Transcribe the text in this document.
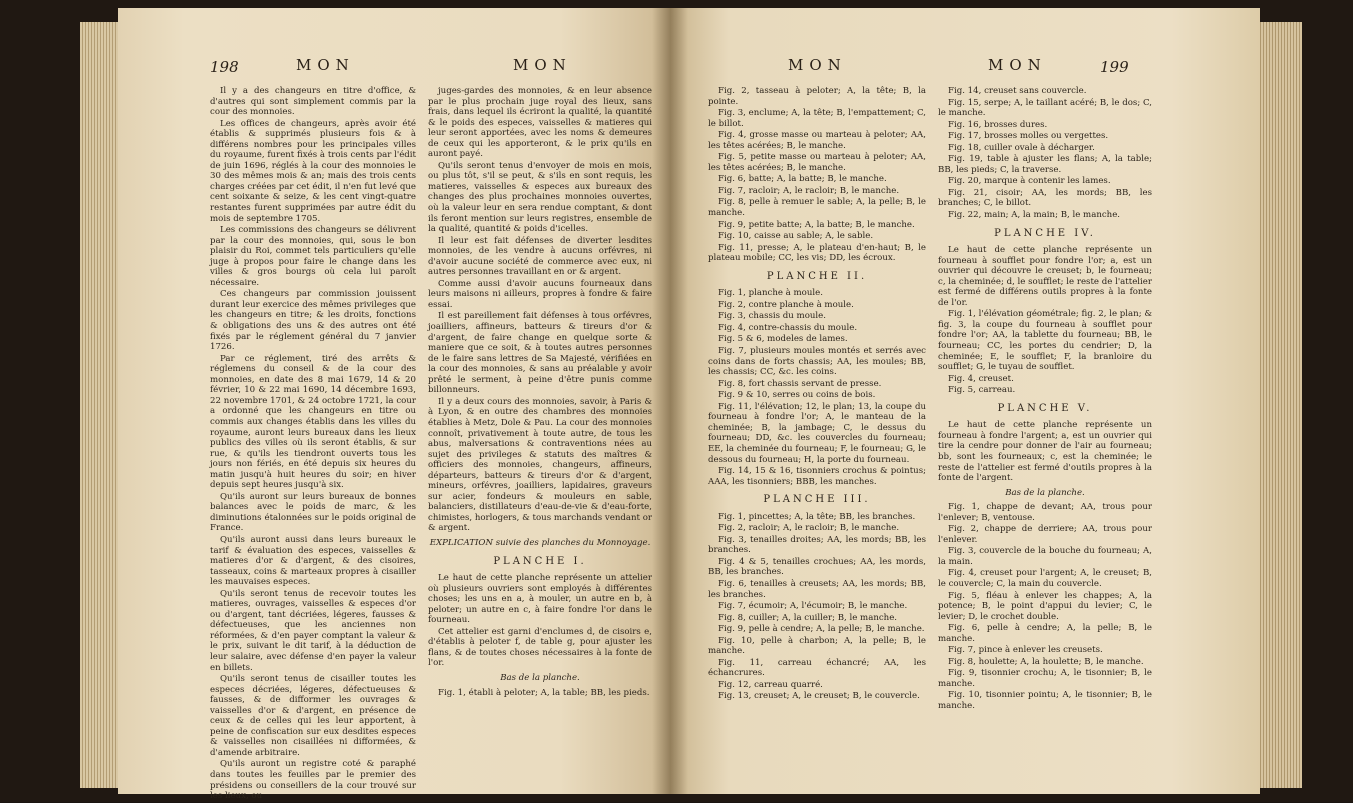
198	MON	MON

Il y a des changeurs en titre d'office, & d'autres qui sont simplement commis par la cour des monnoies.

Les offices de changeurs, après avoir été établis & supprimés plusieurs fois & à différens nombres pour les principales villes du royaume, furent fixés à trois cents par l'édit de juin 1696, réglés à la cour des monnoies le 30 des mêmes mois & an; mais des trois cents charges créées par cet édit, il n'en fut levé que cent soixante & seize, & les cent vingt-quatre restantes furent supprimées par autre édit du mois de septembre 1705.

Les commissions des changeurs se délivrent par la cour des monnoies, qui, sous le bon plaisir du Roi, commet tels particuliers qu'elle juge à propos pour faire le change dans les villes & gros bourgs où cela lui paroît nécessaire.

Ces changeurs par commission jouissent durant leur exercice des mêmes privileges que les changeurs en titre; & les droits, fonctions & obligations des uns & des autres ont été fixés par le réglement général du 7 janvier 1726.

Par ce réglement, tiré des arrêts & réglemens du conseil & de la cour des monnoies, en date des 8 mai 1679, 14 & 20 février, 10 & 22 mai 1690, 14 décembre 1693, 22 novembre 1701, & 24 octobre 1721, la cour a ordonné que les changeurs en titre ou commis aux changes établis dans les villes du royaume, auront leurs bureaux dans les lieux publics des villes où ils seront établis, & sur rue, & qu'ils les tiendront ouverts tous les jours non fériés, en été depuis six heures du matin jusqu'à huit heures du soir; en hiver depuis sept heures jusqu'à six.

Qu'ils auront sur leurs bureaux de bonnes balances avec le poids de marc, & les diminutions étalonnées sur le poids original de France.

Qu'ils auront aussi dans leurs bureaux le tarif & évaluation des especes, vaisselles & matieres d'or & d'argent, & des cisoires, tasseaux, coins & marteaux propres à cisailler les mauvaises especes.

Qu'ils seront tenus de recevoir toutes les matieres, ouvrages, vaisselles & especes d'or ou d'argent, tant décriées, légeres, fausses & défectueuses, que les anciennes non réformées, & d'en payer comptant la valeur & le prix, suivant le dit tarif, à la déduction de leur salaire, avec défense d'en payer la valeur en billets.

Qu'ils seront tenus de cisailler toutes les especes décriées, légeres, défectueuses & fausses, & de difformer les ouvrages & vaisselles d'or & d'argent, en présence de ceux & de celles qui les leur apportent, à peine de confiscation sur eux desdites especes & vaisselles non cisaillées ni difformées, & d'amende arbitraire.

Qu'ils auront un registre coté & paraphé dans toutes les feuilles par le premier des présidens ou conseillers de la cour trouvé sur les lieux, ou

juges-gardes des monnoies, & en leur absence par le plus prochain juge royal des lieux, sans frais, dans lequel ils écriront la qualité, la quantité & le poids des especes, vaisselles & matieres qui leur seront apportées, avec les noms & demeures de ceux qui les apporteront, & le prix qu'ils en auront payé.

Qu'ils seront tenus d'envoyer de mois en mois, ou plus tôt, s'il se peut, & s'ils en sont requis, les matieres, vaisselles & especes aux bureaux des changes des plus prochaines monnoies ouvertes, où la valeur leur en sera rendue comptant, & dont ils feront mention sur leurs registres, ensemble de la qualité, quantité & poids d'icelles.

Il leur est fait défenses de diverter lesdites monnoies, de les vendre à aucuns orfévres, ni d'avoir aucune société de commerce avec eux, ni autres personnes travaillant en or & argent.

Comme aussi d'avoir aucuns fourneaux dans leurs maisons ni ailleurs, propres à fondre & faire essai.

Il est pareillement fait défenses à tous orfévres, joailliers, affineurs, batteurs & tireurs d'or & d'argent, de faire change en quelque sorte & maniere que ce soit, & à toutes autres personnes de le faire sans lettres de Sa Majesté, vérifiées en la cour des monnoies, & sans au préalable y avoir prêté le serment, à peine d'être punis comme billonneurs.

Il y a deux cours des monnoies, savoir, à Paris & à Lyon, & en outre des chambres des monnoies établies à Metz, Dole & Pau. La cour des monnoies connoît, privativement à toute autre, de tous les abus, malversations & contraventions nées au sujet des privileges & statuts des maîtres & officiers des monnoies, changeurs, affineurs, départeurs, batteurs & tireurs d'or & d'argent, mineurs, orfévres, joailliers, lapidaires, graveurs sur acier, fondeurs & mouleurs en sable, balanciers, distillateurs d'eau-de-vie & d'eau-forte, chimistes, horlogers, & tous marchands vendant or & argent.

EXPLICATION suivie des planches du Monnoyage.
PLANCHE I.

Le haut de cette planche représente un attelier où plusieurs ouvriers sont employés à différentes choses; les uns en a, à mouler, un autre en b, à peloter; un autre en c, à faire fondre l'or dans le fourneau.

Cet attelier est garni d'enclumes d, de cisoirs e, d'établis à peloter f, de table g, pour ajuster les flans, & de toutes choses nécessaires à la fonte de l'or.

Bas de la planche.

Fig. 1, établi à peloter; A, la table; BB, les pieds.

MON	MON	199

Fig. 2, tasseau à peloter; A, la tête; B, la pointe.

Fig. 3, enclume; A, la tête; B, l'empattement; C, le billot.

Fig. 4, grosse masse ou marteau à peloter; AA, les têtes acérées; B, le manche.

Fig. 5, petite masse ou marteau à peloter; AA, les têtes acérées; B, le manche.

Fig. 6, batte; A, la batte; B, le manche.

Fig. 7, racloir; A, le racloir; B, le manche.

Fig. 8, pelle à remuer le sable; A, la pelle; B, le manche.

Fig. 9, petite batte; A, la batte; B, le manche.

Fig. 10, caisse au sable; A, le sable.

Fig. 11, presse; A, le plateau d'en-haut; B, le plateau mobile; CC, les vis; DD, les écroux.

PLANCHE II.

Fig. 1, planche à moule.

Fig. 2, contre planche à moule.

Fig. 3, chassis du moule.

Fig. 4, contre-chassis du moule.

Fig. 5 & 6, modeles de lames.

Fig. 7, plusieurs moules montés et serrés avec coins dans de forts chassis; AA, les moules; BB, les chassis; CC, &c. les coins.

Fig. 8, fort chassis servant de presse.

Fig. 9 & 10, serres ou coins de bois.

Fig. 11, l'élévation; 12, le plan; 13, la coupe du fourneau à fondre l'or; A, le manteau de la cheminée; B, la jambage; C, le dessus du fourneau; DD, &c. les couvercles du fourneau; EE, la cheminée du fourneau; F, le fourneau; G, le dessous du fourneau; H, la porte du fourneau.

Fig. 14, 15 & 16, tisonniers crochus & pointus; AAA, les tisonniers; BBB, les manches.

PLANCHE III.

Fig. 1, pincettes; A, la tête; BB, les branches.

Fig. 2, racloir; A, le racloir; B, le manche.

Fig. 3, tenailles droites; AA, les mords; BB, les branches.

Fig. 4 & 5, tenailles crochues; AA, les mords, BB, les branches.

Fig. 6, tenailles à creusets; AA, les mords; BB, les branches.

Fig. 7, écumoir; A, l'écumoir; B, le manche.

Fig. 8, cuiller; A, la cuiller; B, le manche.

Fig. 9, pelle à cendre; A, la pelle; B, le manche.

Fig. 10, pelle à charbon; A, la pelle; B, le manche.

Fig. 11, carreau échancré; AA, les échancrures.

Fig. 12, carreau quarré.

Fig. 13, creuset; A, le creuset; B, le couvercle.

Fig. 14, creuset sans couvercle.

Fig. 15, serpe; A, le taillant acéré; B, le dos; C, le manche.

Fig. 16, brosses dures.

Fig. 17, brosses molles ou vergettes.

Fig. 18, cuiller ovale à décharger.

Fig. 19, table à ajuster les flans; A, la table; BB, les pieds; C, la traverse.

Fig. 20, marque à contenir les lames.

Fig. 21, cisoir; AA, les mords; BB, les branches; C, le billot.

Fig. 22, main; A, la main; B, le manche.

PLANCHE IV.

Le haut de cette planche représente un fourneau à soufflet pour fondre l'or; a, est un ouvrier qui découvre le creuset; b, le fourneau; c, la cheminée; d, le soufflet; le reste de l'attelier est fermé de différens outils propres à la fonte de l'or.

Fig. 1, l'élévation géométrale; fig. 2, le plan; & fig. 3, la coupe du fourneau à soufflet pour fondre l'or; AA, la tablette du fourneau; BB, le fourneau; CC, les portes du cendrier; D, la cheminée; E, le soufflet; F, la branloire du soufflet; G, le tuyau de soufflet.

Fig. 4, creuset.

Fig. 5, carreau.

PLANCHE V.

Le haut de cette planche représente un fourneau à fondre l'argent; a, est un ouvrier qui tire la cendre pour donner de l'air au fourneau; bb, sont les fourneaux; c, est la cheminée; le reste de l'attelier est fermé d'outils propres à la fonte de l'argent.

Bas de la planche.

Fig. 1, chappe de devant; AA, trous pour l'enlever; B, ventouse.

Fig. 2, chappe de derriere; AA, trous pour l'enlever.

Fig. 3, couvercle de la bouche du fourneau; A, la main.

Fig. 4, creuset pour l'argent; A, le creuset; B, le couvercle; C, la main du couvercle.

Fig. 5, fléau à enlever les chappes; A, la potence; B, le point d'appui du levier; C, le levier; D, le crochet double.

Fig. 6, pelle à cendre; A, la pelle; B, le manche.

Fig. 7, pince à enlever les creusets.

Fig. 8, houlette; A, la houlette; B, le manche.

Fig. 9, tisonnier crochu; A, le tisonnier; B, le manche.

Fig. 10, tisonnier pointu; A, le tisonnier; B, le manche.
